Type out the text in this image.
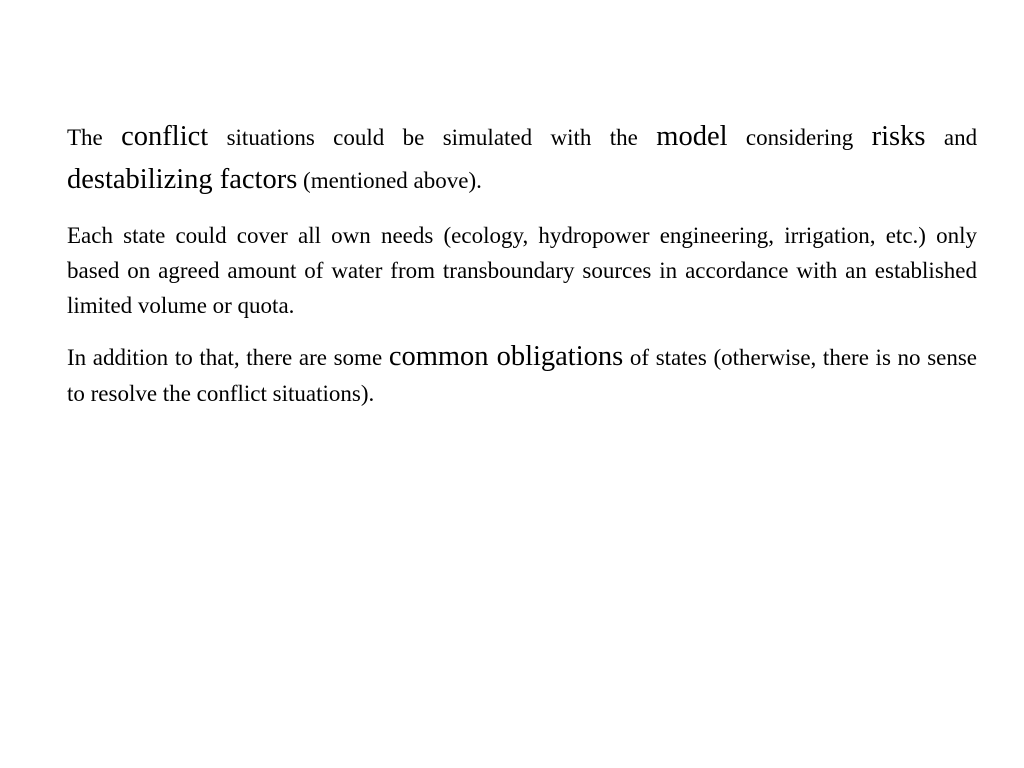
The conflict situations could be simulated with the model considering risks and destabilizing factors (mentioned above).

Each state could cover all own needs (ecology, hydropower engineering, irrigation, etc.) only based on agreed amount of water from transboundary sources in accordance with an established limited volume or quota.

In addition to that, there are some common obligations of states (otherwise, there is no sense to resolve the conflict situations).
